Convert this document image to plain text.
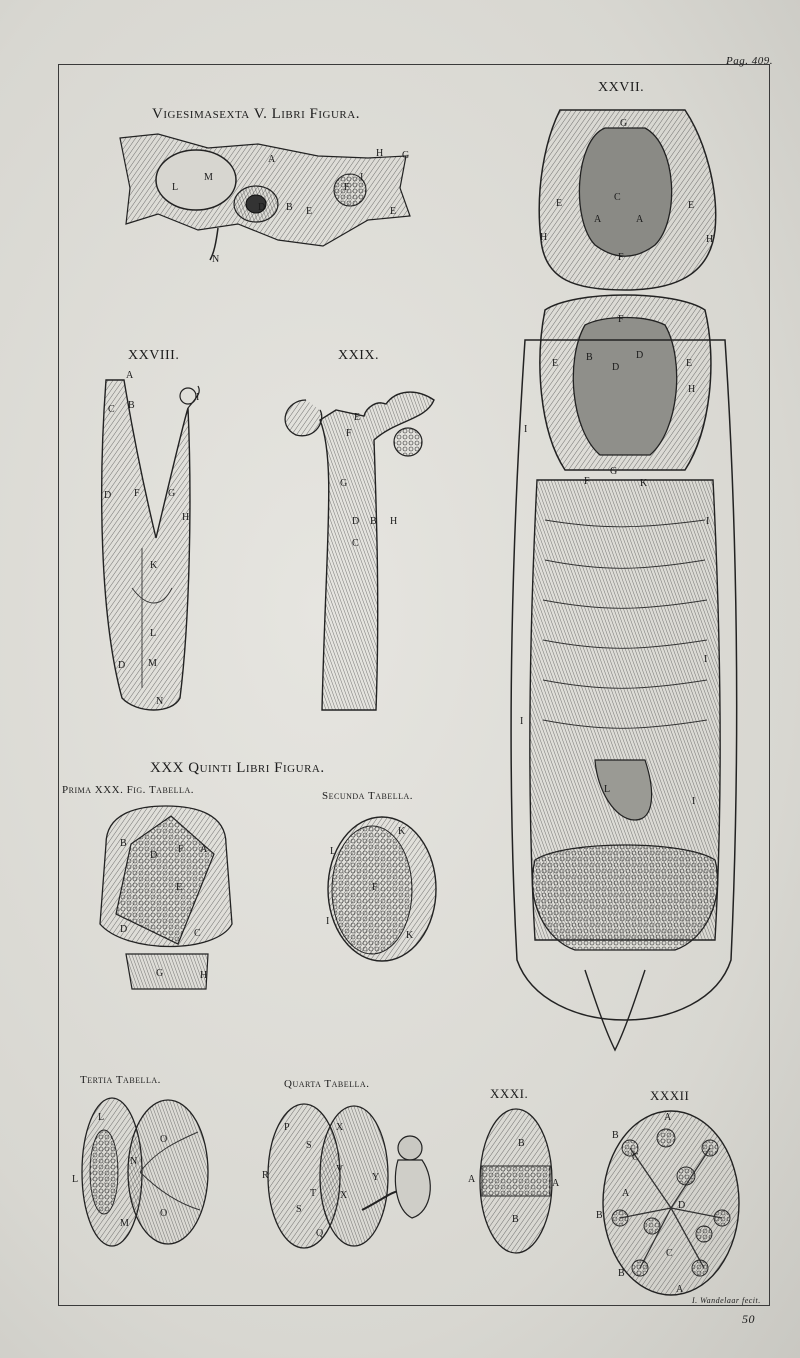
Pag. 409.
50
I. Wandelaar fecit.
Vigesimasexta V. Libri Figura.
XXVII.
XXVIII.	XXIX.
XXX Quinti Libri Figura.
Prima XXX. Fig. Tabella.	Secunda Tabella.
Tertia Tabella.	Quarta Tabella.
XXXI.	XXXII
L
M
A
H G
I
F
D B E	E
N
G
E
C
A	A
E
H	H
F
F
E
B
D
D
E
H
I
G
F	K
I
I
I
L
I
A
C B
I
D F	G
H
K
L
D M
N
E
F
G
D
C
B H
B
D
F A
E
D	C
G	H
K
L
F
I
K
L
O
N
L
M
O
P
S
X
R
V
Y
T X
S
Q
B
A	A
B
A
B
C
D
B
A
C
B
A
